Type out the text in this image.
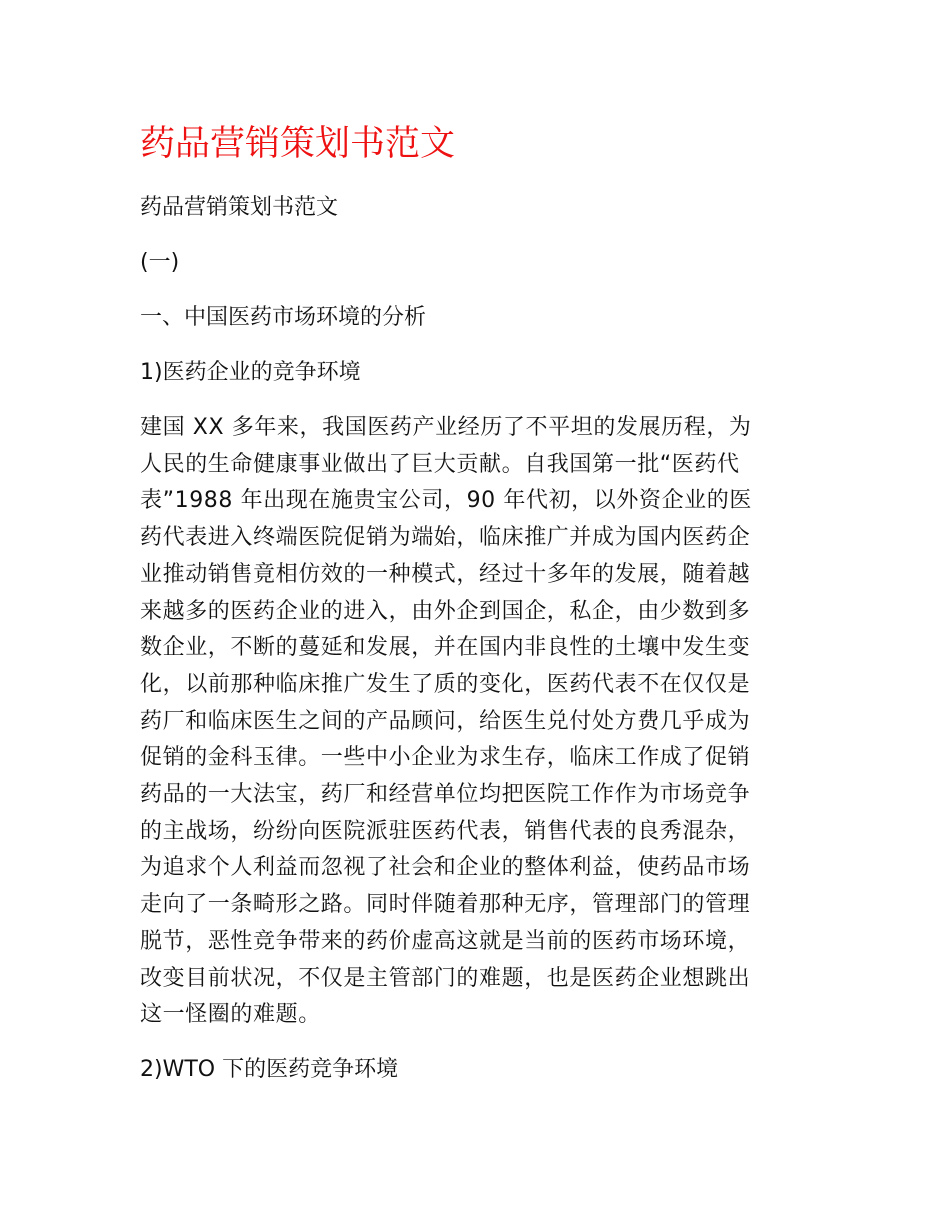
药品营销策划书范文

药品营销策划书范文

(一)

一、中国医药市场环境的分析

1)医药企业的竞争环境

建国 XX 多年来，我国医药产业经历了不平坦的发展历程，为
人民的生命健康事业做出了巨大贡献。自我国第一批“医药代
表”1988 年出现在施贵宝公司，90 年代初，以外资企业的医
药代表进入终端医院促销为端始，临床推广并成为国内医药企
业推动销售竟相仿效的一种模式，经过十多年的发展，随着越
来越多的医药企业的进入，由外企到国企，私企，由少数到多
数企业，不断的蔓延和发展，并在国内非良性的土壤中发生变
化，以前那种临床推广发生了质的变化，医药代表不在仅仅是
药厂和临床医生之间的产品顾问，给医生兑付处方费几乎成为
促销的金科玉律。一些中小企业为求生存，临床工作成了促销
药品的一大法宝，药厂和经营单位均把医院工作作为市场竞争
的主战场，纷纷向医院派驻医药代表，销售代表的良秀混杂，
为追求个人利益而忽视了社会和企业的整体利益，使药品市场
走向了一条畸形之路。同时伴随着那种无序，管理部门的管理
脱节，恶性竞争带来的药价虚高这就是当前的医药市场环境，
改变目前状况，不仅是主管部门的难题，也是医药企业想跳出
这一怪圈的难题。

2)WTO 下的医药竞争环境
